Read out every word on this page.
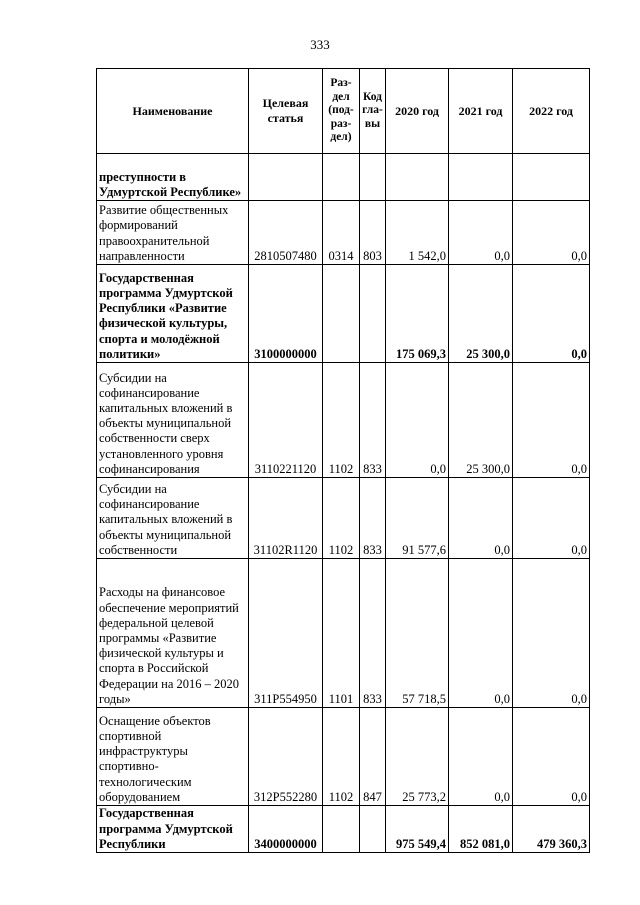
333
Наименование	Целевая статья	Раз-
дел
(под-
раз-
дел)	Код
гла-
вы	2020 год	2021 год	2022 год
преступности в Удмуртской Республике»						
Развитие общественных формирований правоохранительной направленности	2810507480	0314	803	1 542,0	0,0	0,0
Государственная программа Удмуртской Республики «Развитие физической культуры, спорта и молодёжной политики»	3100000000			175 069,3	25 300,0	0,0
Субсидии на софинансирование капитальных вложений в объекты муниципальной собственности сверх установленного уровня софинансирования	3110221120	1102	833	0,0	25 300,0	0,0
Субсидии на софинансирование капитальных вложений в объекты муниципальной собственности	31102R1120	1102	833	91 577,6	0,0	0,0
Расходы на финансовое обеспечение мероприятий федеральной целевой программы «Развитие физической культуры и спорта в Российской Федерации на 2016 – 2020 годы»	311P554950	1101	833	57 718,5	0,0	0,0
Оснащение объектов спортивной инфраструктуры спортивно-технологическим оборудованием	312P552280	1102	847	25 773,2	0,0	0,0
Государственная программа Удмуртской Республики	3400000000			975 549,4	852 081,0	479 360,3
